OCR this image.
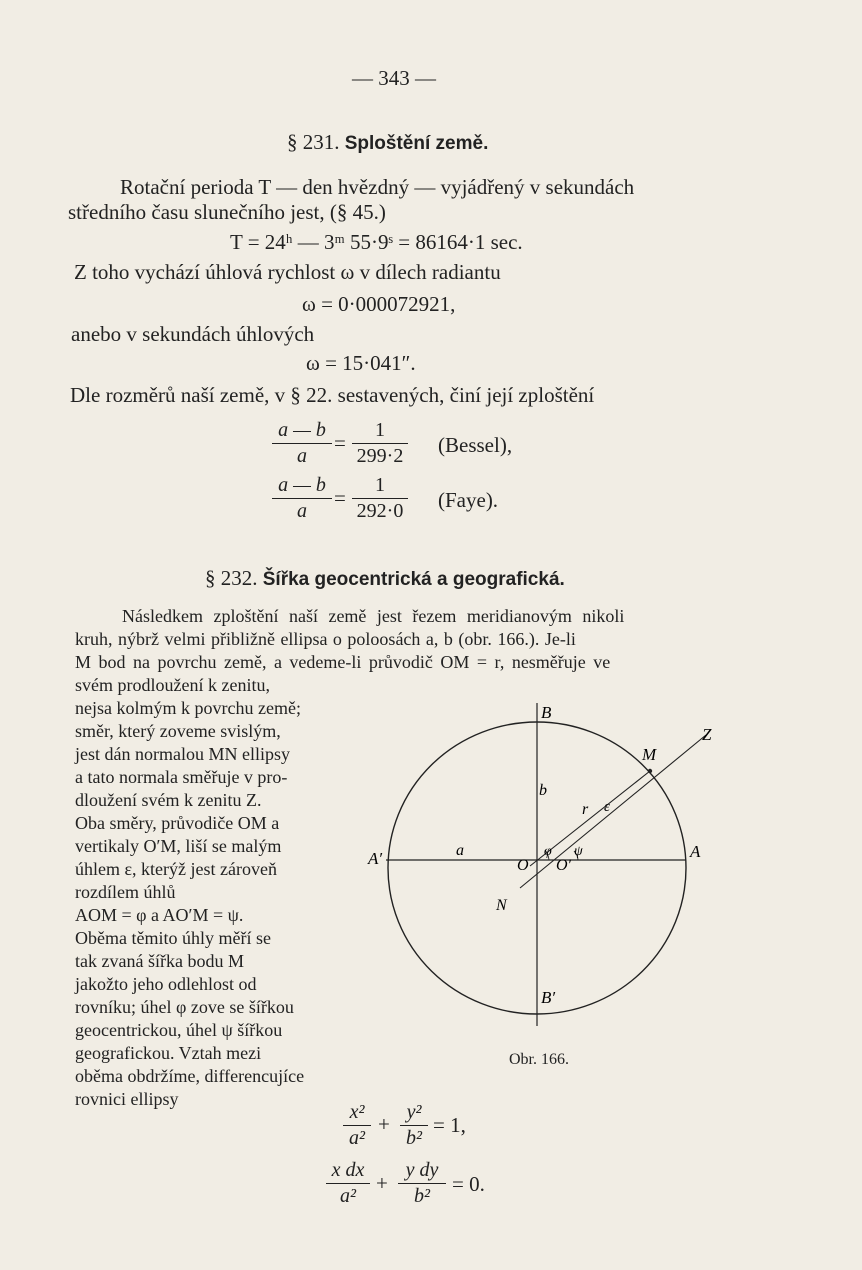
— 343 —
§ 231. Splоštění země.
Rotační perioda T — den hvězdný — vyjádřený v sekundách
středního času slunečního jest, (§ 45.)
T = 24ʰ — 3ᵐ 55·9ˢ = 86164·1 sec.
Z toho vychází úhlová rychlost ω v dílech radiantu
ω = 0·000072921,
anebo v sekundách úhlových
ω = 15·041″.
Dle rozměrů naší země, v § 22. sestavených, činí její zploštění
a — b
a
=
1
299·2 (Bessel),
a — b
a
=
1
292·0 (Faye).
§ 232. Šířka geocentrická a geografická.
Následkem zploštění naší země jest řezem meridianovým nikoli
kruh, nýbrž velmi přibližně ellipsa o poloosách a, b (obr. 166.). Je-li
M bod na povrchu země, a vedeme-li průvodič OM = r, nesměřuje ve
svém prodloužení k zenitu,
nejsa kolmým k povrchu země;
směr, který zoveme svislým,
jest dán normalou MN ellipsy
a tato normala směřuje v pro-
dloužení svém k zenitu Z.
Oba směry, průvodiče OM a
vertikaly O′M, liší se malým
úhlem ε, kterýž jest zároveň
rozdílem úhlů
AOM = φ a AO′M = ψ.
Oběma těmito úhly měří se
tak zvaná šířka bodu M
jakožto jeho odlehlost od
rovníku; úhel φ zove se šířkou
geocentrickou, úhel ψ šířkou
geografickou. Vztah mezi
oběma obdržíme, differencujíce
rovnici ellipsy
x²
a²
+ y²
b²
= 1,
x dx
a²
+
y dy
b²	= 0.
B
B′
A
A′
Z
M
O O′
N
a
b
r ε
φ ψ
Obr. 166.
